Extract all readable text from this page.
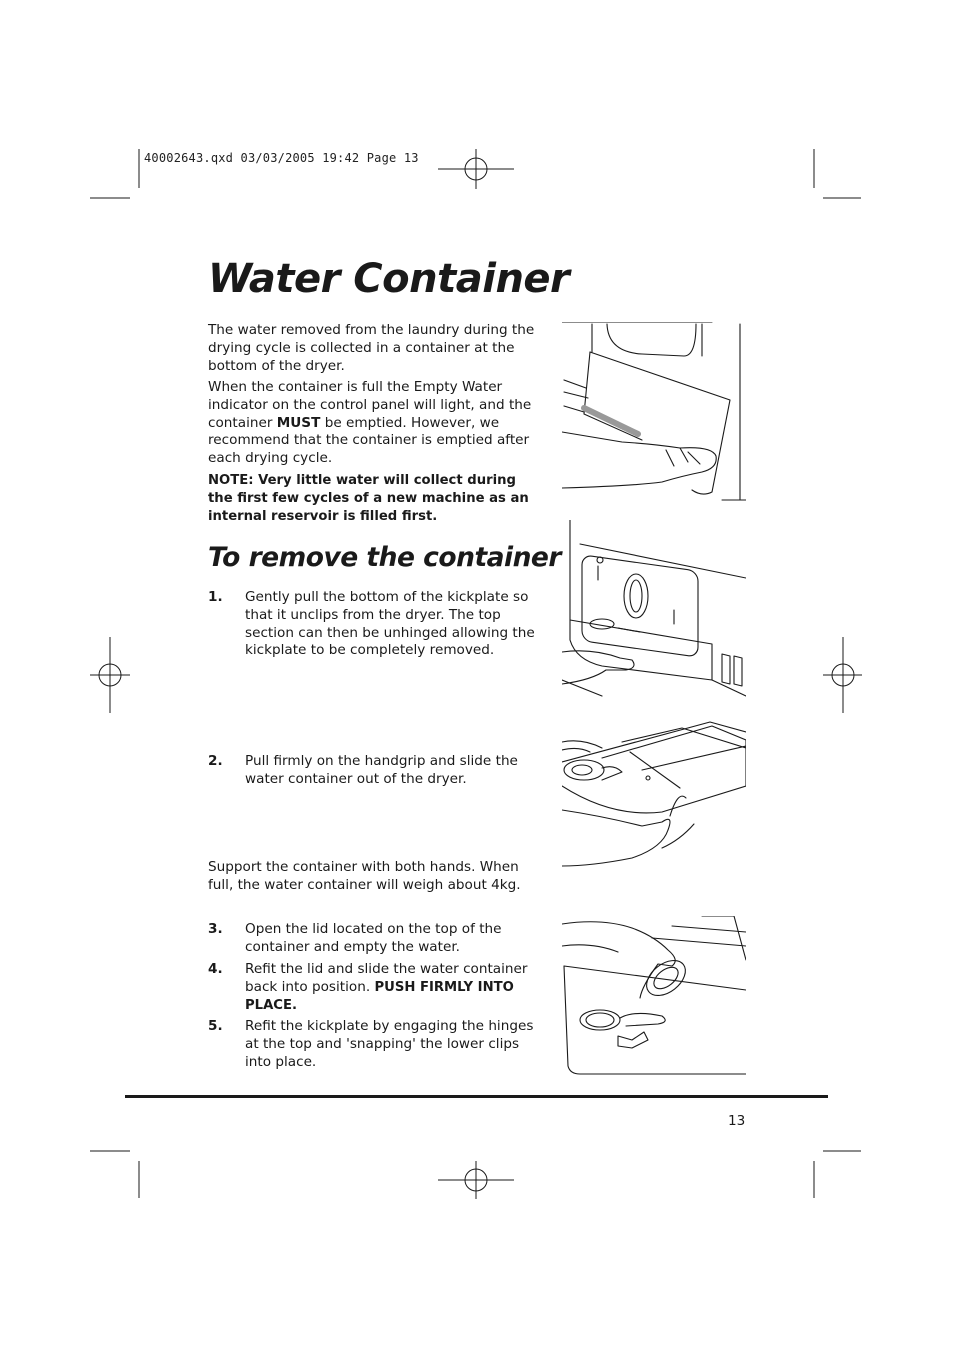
40002643.qxd 03/03/2005 19:42 Page 13
Water Container

The water removed from the laundry during the drying cycle is collected in a container at the bottom of the dryer.

When the container is full the Empty Water indicator on the control panel will light, and the container MUST be emptied. However, we recommend that the container is emptied after each drying cycle.

NOTE: Very little water will collect during the first few cycles of a new machine as an internal reservoir is filled first.

To remove the container
1. Gently pull the bottom of the kickplate so that it unclips from the dryer. The top section can then be unhinged allowing the kickplate to be completely removed.
2. Pull firmly on the handgrip and slide the water container out of the dryer.

Support the container with both hands. When full, the water container will weigh about 4kg.

3. Open the lid located on the top of the container and empty the water.
4. Refit the lid and slide the water container back into position. PUSH FIRMLY INTO PLACE.
5. Refit the kickplate by engaging the hinges at the top and 'snapping' the lower clips into place.
13
